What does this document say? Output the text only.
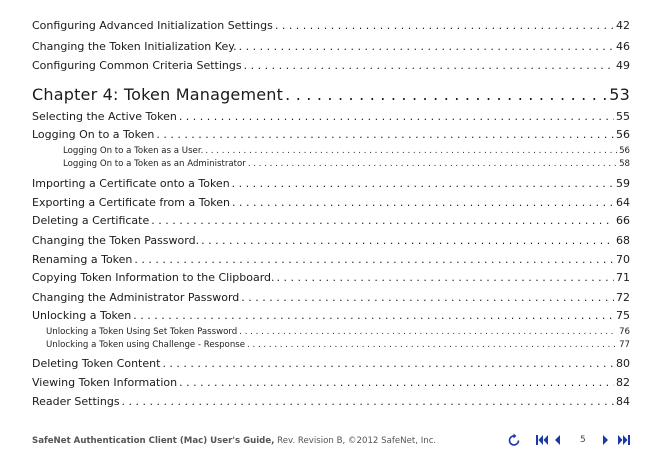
Configuring Advanced Initialization Settings . . .	42
Changing the Token Initialization Key. . . .	46
Configuring Common Criteria Settings . . .	49
Chapter 4: Token Management . . .	53
Selecting the Active Token . . .	55
Logging On to a Token . . .	56
Logging On to a Token as a User. . . .	56
Logging On to a Token as an Administrator . . .	58
Importing a Certificate onto a Token . . .	59
Exporting a Certificate from a Token . . .	64
Deleting a Certificate . . .	66
Changing the Token Password. . . .	68
Renaming a Token . . .	70
Copying Token Information to the Clipboard. . . .	71
Changing the Administrator Password . . .	72
Unlocking a Token . . .	75
Unlocking a Token Using Set Token Password . . .	76
Unlocking a Token using Challenge - Response . . .	77
Deleting Token Content . . .	80
Viewing Token Information . . .	82
Reader Settings . . .	84
SafeNet Authentication Client (Mac) User's Guide, Rev. Revision B, ©2012 SafeNet, Inc.	5
